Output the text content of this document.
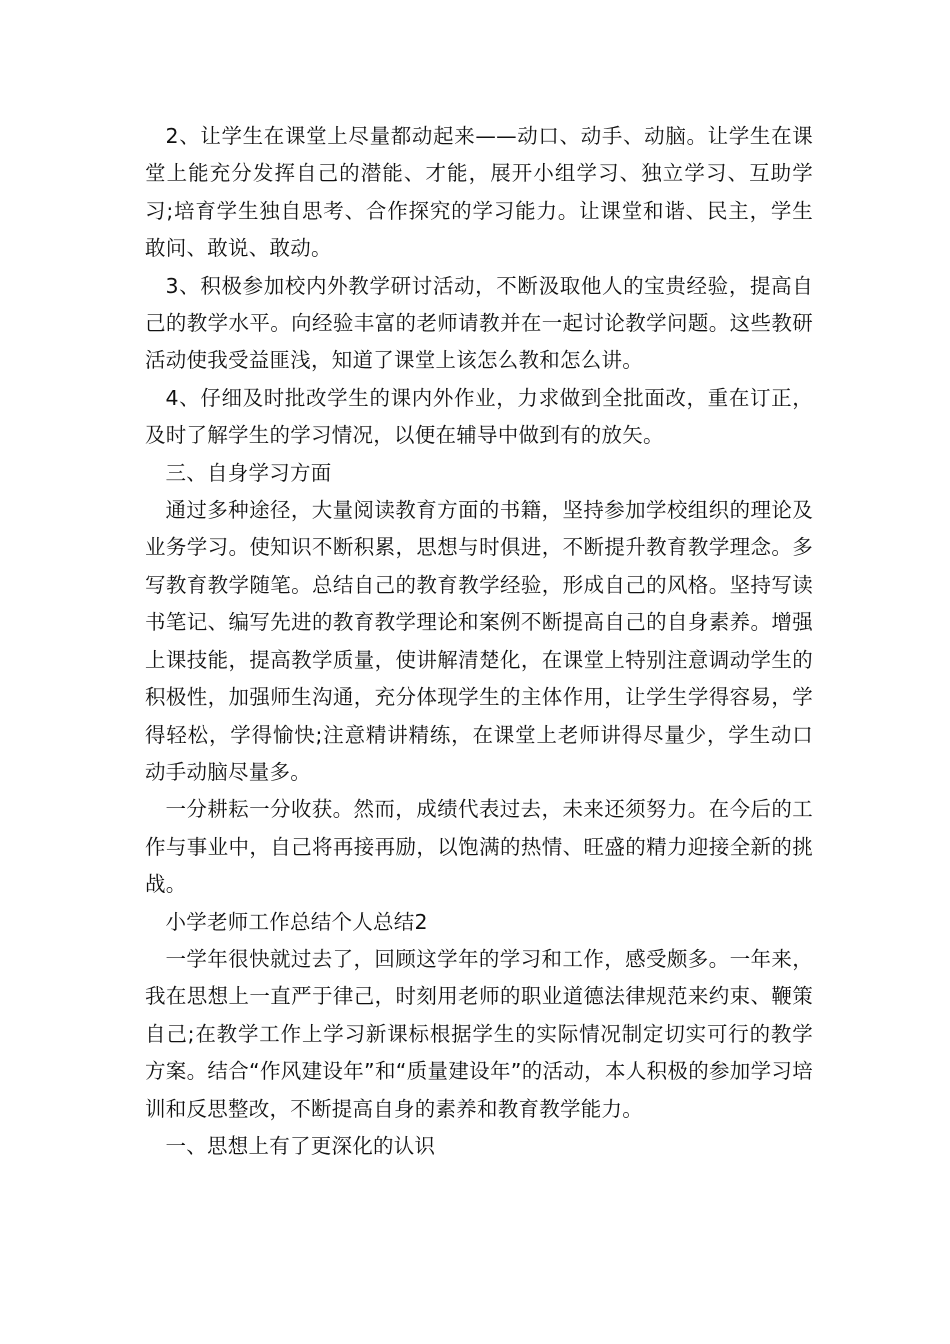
2、让学生在课堂上尽量都动起来——动口、动手、动脑。让学生在课堂上能充分发挥自己的潜能、才能，展开小组学习、独立学习、互助学习;培育学生独自思考、合作探究的学习能力。让课堂和谐、民主，学生敢问、敢说、敢动。

3、积极参加校内外教学研讨活动，不断汲取他人的宝贵经验，提高自己的教学水平。向经验丰富的老师请教并在一起讨论教学问题。这些教研活动使我受益匪浅，知道了课堂上该怎么教和怎么讲。

4、仔细及时批改学生的课内外作业，力求做到全批面改，重在订正，及时了解学生的学习情况，以便在辅导中做到有的放矢。

三、自身学习方面

通过多种途径，大量阅读教育方面的书籍，坚持参加学校组织的理论及业务学习。使知识不断积累，思想与时俱进，不断提升教育教学理念。多写教育教学随笔。总结自己的教育教学经验，形成自己的风格。坚持写读书笔记、编写先进的教育教学理论和案例不断提高自己的自身素养。增强上课技能，提高教学质量，使讲解清楚化，在课堂上特别注意调动学生的积极性，加强师生沟通，充分体现学生的主体作用，让学生学得容易，学得轻松，学得愉快;注意精讲精练，在课堂上老师讲得尽量少，学生动口动手动脑尽量多。

一分耕耘一分收获。然而，成绩代表过去，未来还须努力。在今后的工作与事业中，自己将再接再励，以饱满的热情、旺盛的精力迎接全新的挑战。

小学老师工作总结个人总结2

一学年很快就过去了，回顾这学年的学习和工作，感受颇多。一年来，我在思想上一直严于律己，时刻用老师的职业道德法律规范来约束、鞭策自己;在教学工作上学习新课标根据学生的实际情况制定切实可行的教学方案。结合“作风建设年”和“质量建设年”的活动，本人积极的参加学习培训和反思整改，不断提高自身的素养和教育教学能力。

一、思想上有了更深化的认识
